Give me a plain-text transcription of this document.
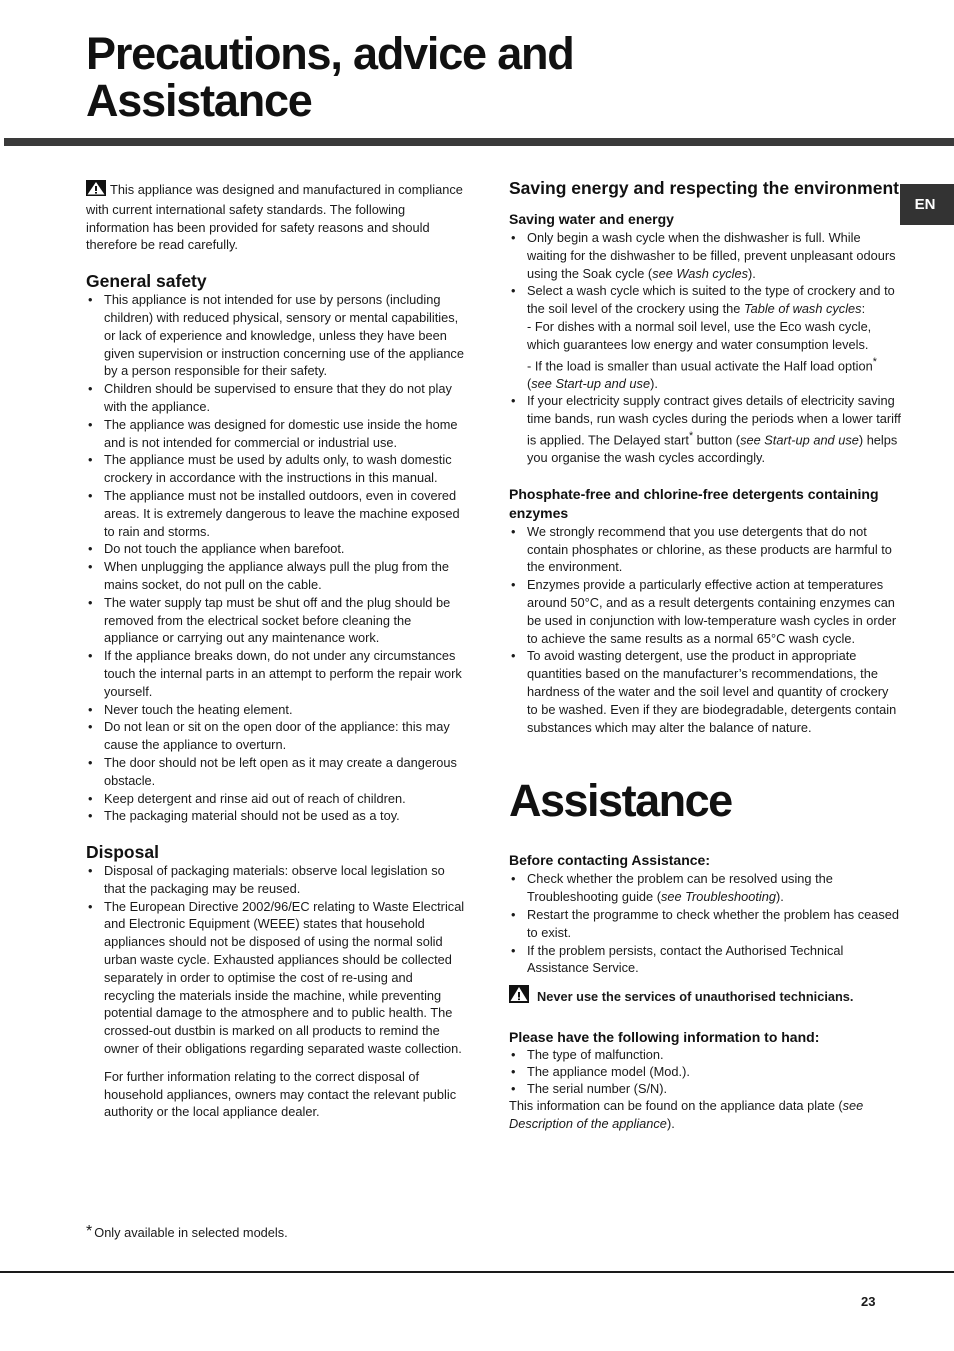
Precautions, advice and
Assistance
EN

This appliance was designed and manufactured in compliance with current international safety standards. The following information has been provided for safety reasons and should therefore be read carefully.

General safety
• This appliance is not intended for use by persons (including children) with reduced physical, sensory or mental capabilities, or lack of experience and knowledge, unless they have been given supervision or instruction concerning use of the appliance by a person responsible for their safety.
• Children should be supervised to ensure that they do not play with the appliance.
• The appliance was designed for domestic use inside the home and is not intended for commercial or industrial use.
• The appliance must be used by adults only, to wash domestic crockery in accordance with the instructions in this manual.
• The appliance must not be installed outdoors, even in covered areas. It is extremely dangerous to leave the machine exposed to rain and storms.
• Do not touch the appliance when barefoot.
• When unplugging the appliance always pull the plug from the mains socket, do not pull on the cable.
• The water supply tap must be shut off and the plug should be removed from the electrical socket before cleaning the appliance or carrying out any maintenance work.
• If the appliance breaks down, do not under any circumstances touch the internal parts in an attempt to perform the repair work yourself.
• Never touch the heating element.
• Do not lean or sit on the open door of the appliance: this may cause the appliance to overturn.
• The door should not be left open as it may create a dangerous obstacle.
• Keep detergent and rinse aid out of reach of children.
• The packaging material should not be used as a toy.
Disposal
• Disposal of packaging materials: observe local legislation so that the packaging may be reused.
• The European Directive 2002/96/EC relating to Waste Electrical and Electronic Equipment (WEEE) states that household appliances should not be disposed of using the normal solid urban waste cycle. Exhausted appliances should be collected separately in order to optimise the cost of re-using and recycling the materials inside the machine, while preventing potential damage to the atmosphere and to public health. The crossed-out dustbin is marked on all products to remind the owner of their obligations regarding separated waste collection.

For further information relating to the correct disposal of household appliances, owners may contact the relevant public authority or the local appliance dealer.

* Only available in selected models.
Saving energy and respecting the environment
Saving water and energy
• Only begin a wash cycle when the dishwasher is full. While waiting for the dishwasher to be filled, prevent unpleasant odours using the Soak cycle (see Wash cycles).
• Select a wash cycle which is suited to the type of crockery and to the soil level of the crockery using the Table of wash cycles:
- For dishes with a normal soil level, use the Eco wash cycle, which guarantees low energy and water consumption levels.
- If the load is smaller than usual activate the Half load option* (see Start-up and use).
• If your electricity supply contract gives details of electricity saving time bands, run wash cycles during the periods when a lower tariff is applied. The Delayed start* button (see Start-up and use) helps you organise the wash cycles accordingly.
Phosphate-free and chlorine-free detergents containing enzymes
• We strongly recommend that you use detergents that do not contain phosphates or chlorine, as these products are harmful to the environment.
• Enzymes provide a particularly effective action at temperatures around 50°C, and as a result detergents containing enzymes can be used in conjunction with low-temperature wash cycles in order to achieve the same results as a normal 65°C wash cycle.
• To avoid wasting detergent, use the product in appropriate quantities based on the manufacturer’s recommendations, the hardness of the water and the soil level and quantity of crockery to be washed. Even if they are biodegradable, detergents contain substances which may alter the balance of nature.
Assistance
Before contacting Assistance:
• Check whether the problem can be resolved using the Troubleshooting guide (see Troubleshooting).
• Restart the programme to check whether the problem has ceased to exist.
• If the problem persists, contact the Authorised Technical Assistance Service.
Never use the services of unauthorised technicians.
Please have the following information to hand:
• The type of malfunction.
• The appliance model (Mod.).
• The serial number (S/N).

This information can be found on the appliance data plate (see Description of the appliance).

23
